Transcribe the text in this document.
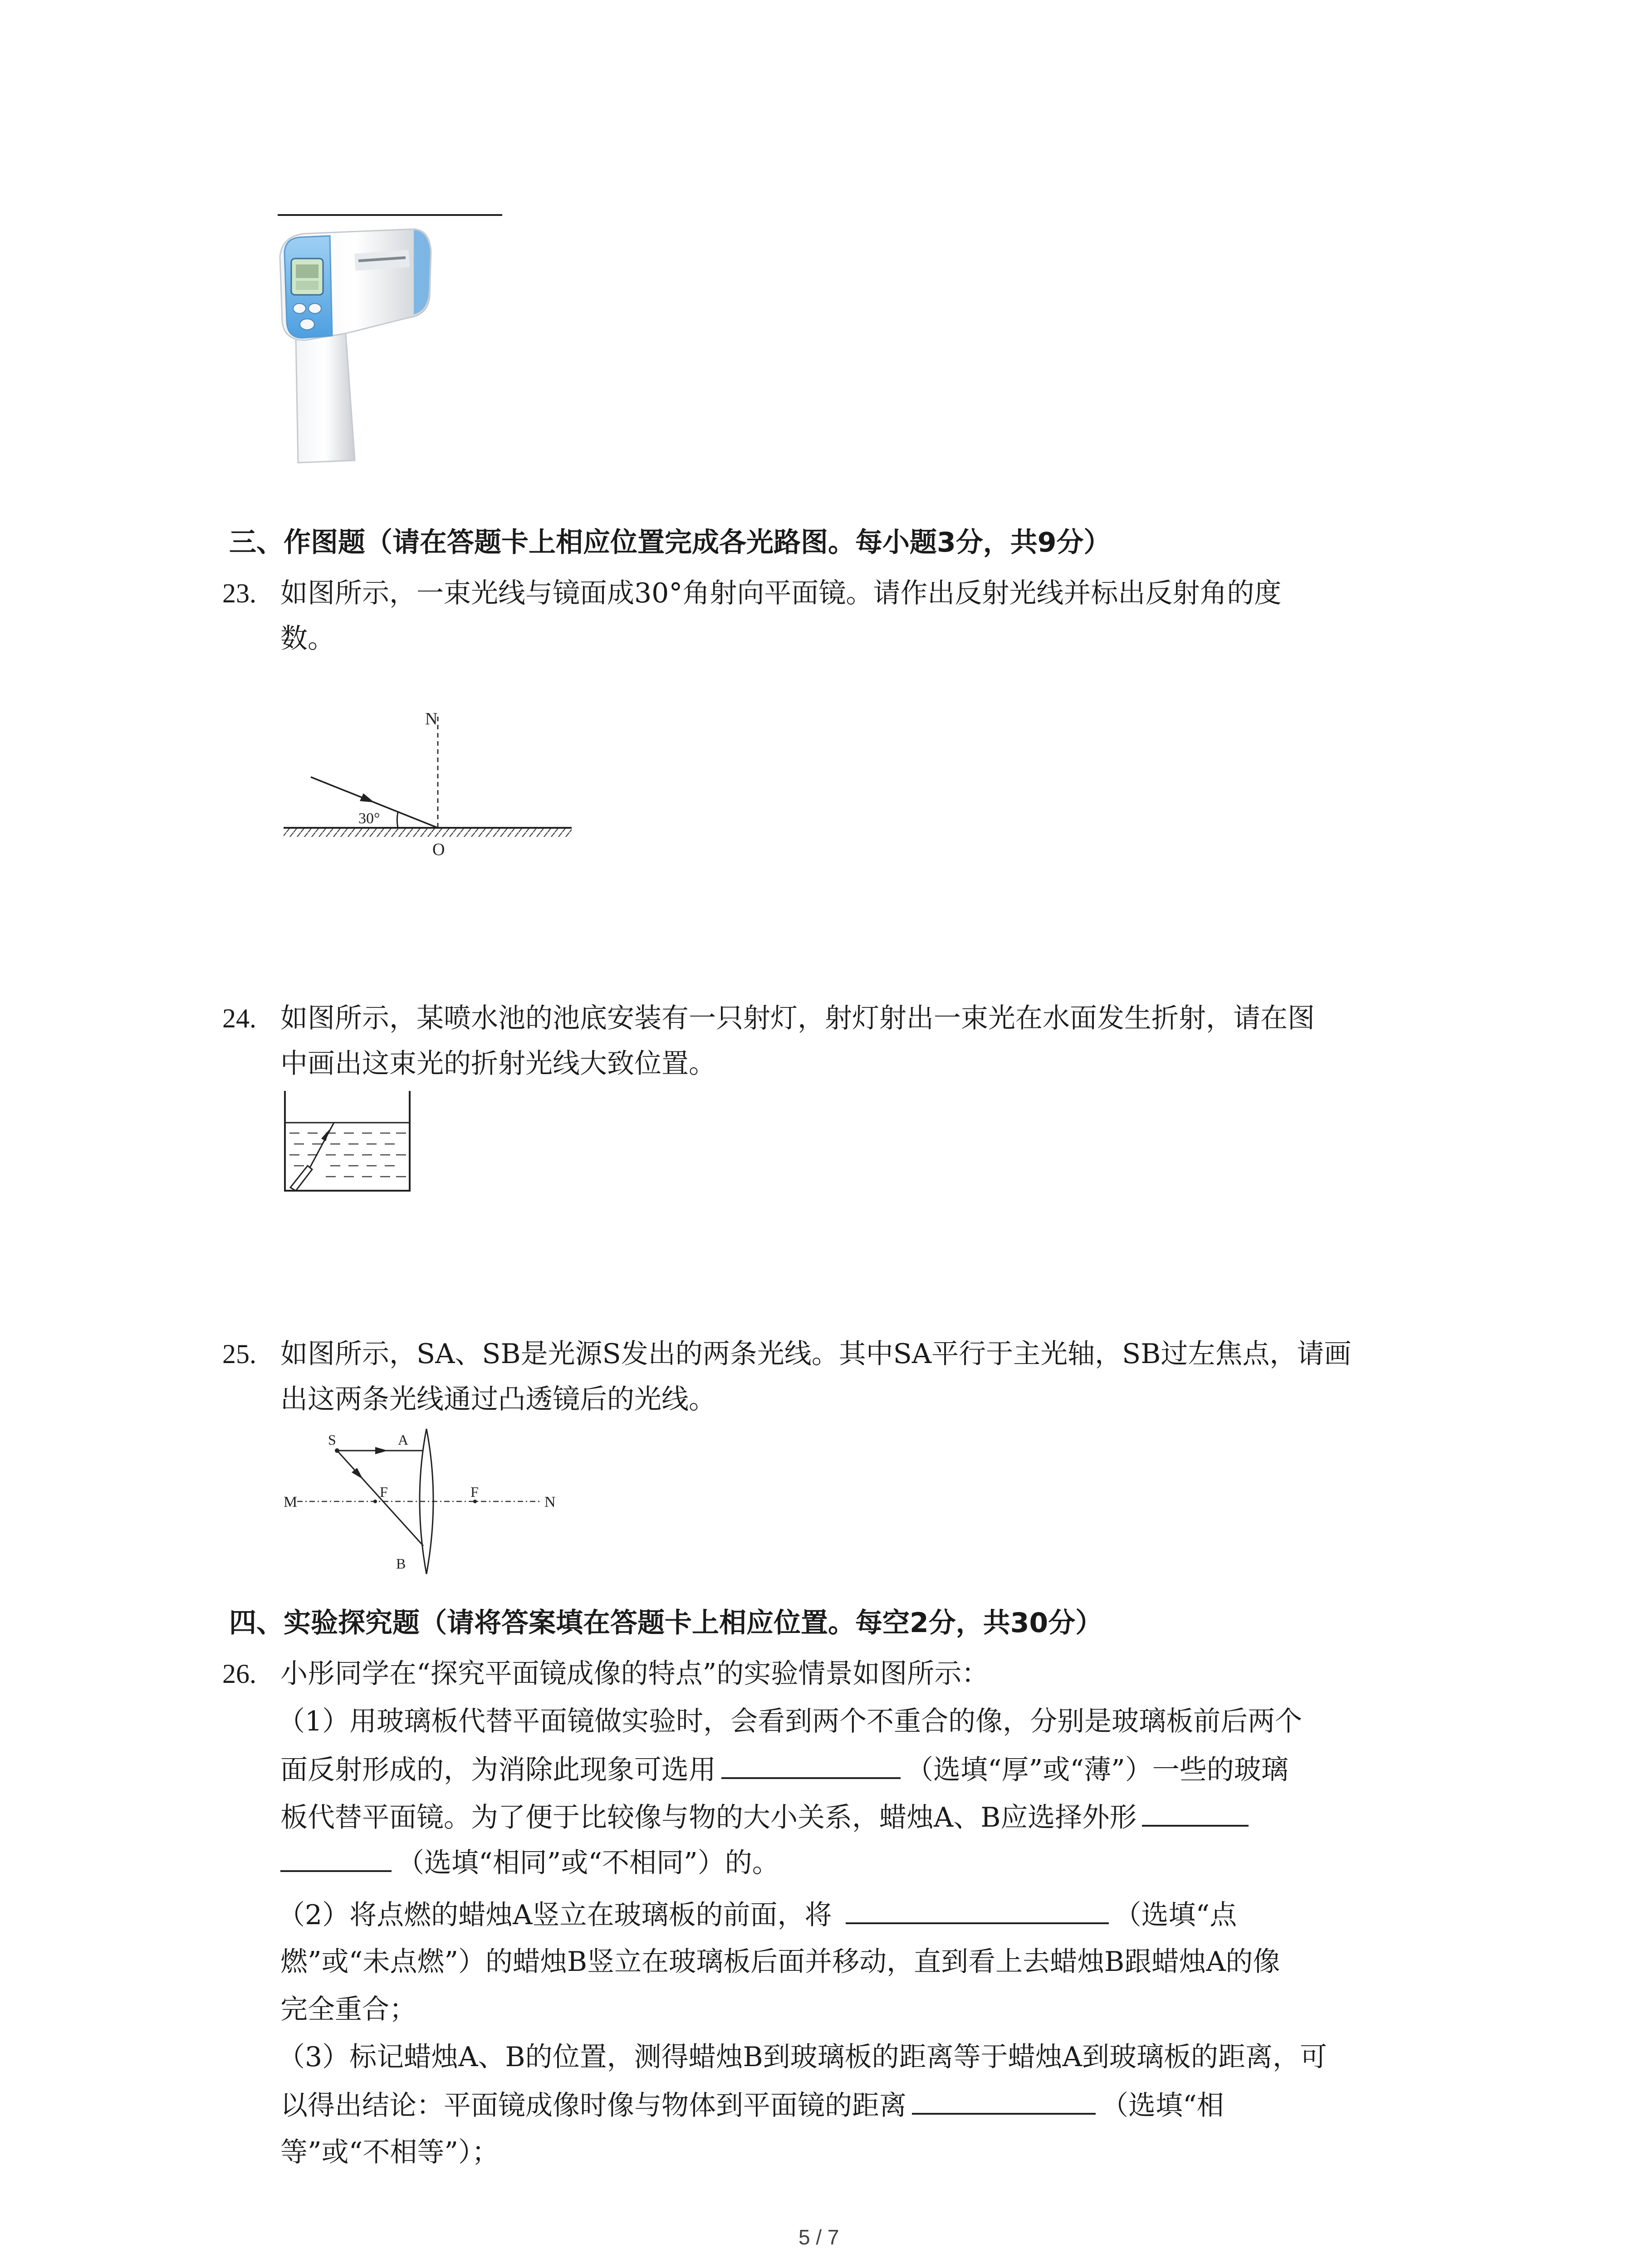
三、作图题（请在答题卡上相应位置完成各光路图。每小题3分，共9分）
23. 如图所示，一束光线与镜面成30°角射向平面镜。请作出反射光线并标出反射角的度
数。
N
30°
O
24. 如图所示，某喷水池的池底安装有一只射灯，射灯射出一束光在水面发生折射，请在图
中画出这束光的折射光线大致位置。
25. 如图所示，SA、SB是光源S发出的两条光线。其中SA平行于主光轴，SB过左焦点，请画
出这两条光线通过凸透镜后的光线。
M	N
F	F
S	A
B
四、实验探究题（请将答案填在答题卡上相应位置。每空2分，共30分）
26. 小彤同学在“探究平面镜成像的特点”的实验情景如图所示：
（1）用玻璃板代替平面镜做实验时，会看到两个不重合的像，分别是玻璃板前后两个
面反射形成的，为消除此现象可选用	（选填“厚”或“薄”）一些的玻璃
板代替平面镜。为了便于比较像与物的大小关系，蜡烛A、B应选择外形
（选填“相同”或“不相同”）的。
（2）将点燃的蜡烛A竖立在玻璃板的前面，将	（选填“点
燃”或“未点燃”）的蜡烛B竖立在玻璃板后面并移动，直到看上去蜡烛B跟蜡烛A的像
完全重合；
（3）标记蜡烛A、B的位置，测得蜡烛B到玻璃板的距离等于蜡烛A到玻璃板的距离，可
以得出结论：平面镜成像时像与物体到平面镜的距离	（选填“相
等”或“不相等”）；
5 / 7
